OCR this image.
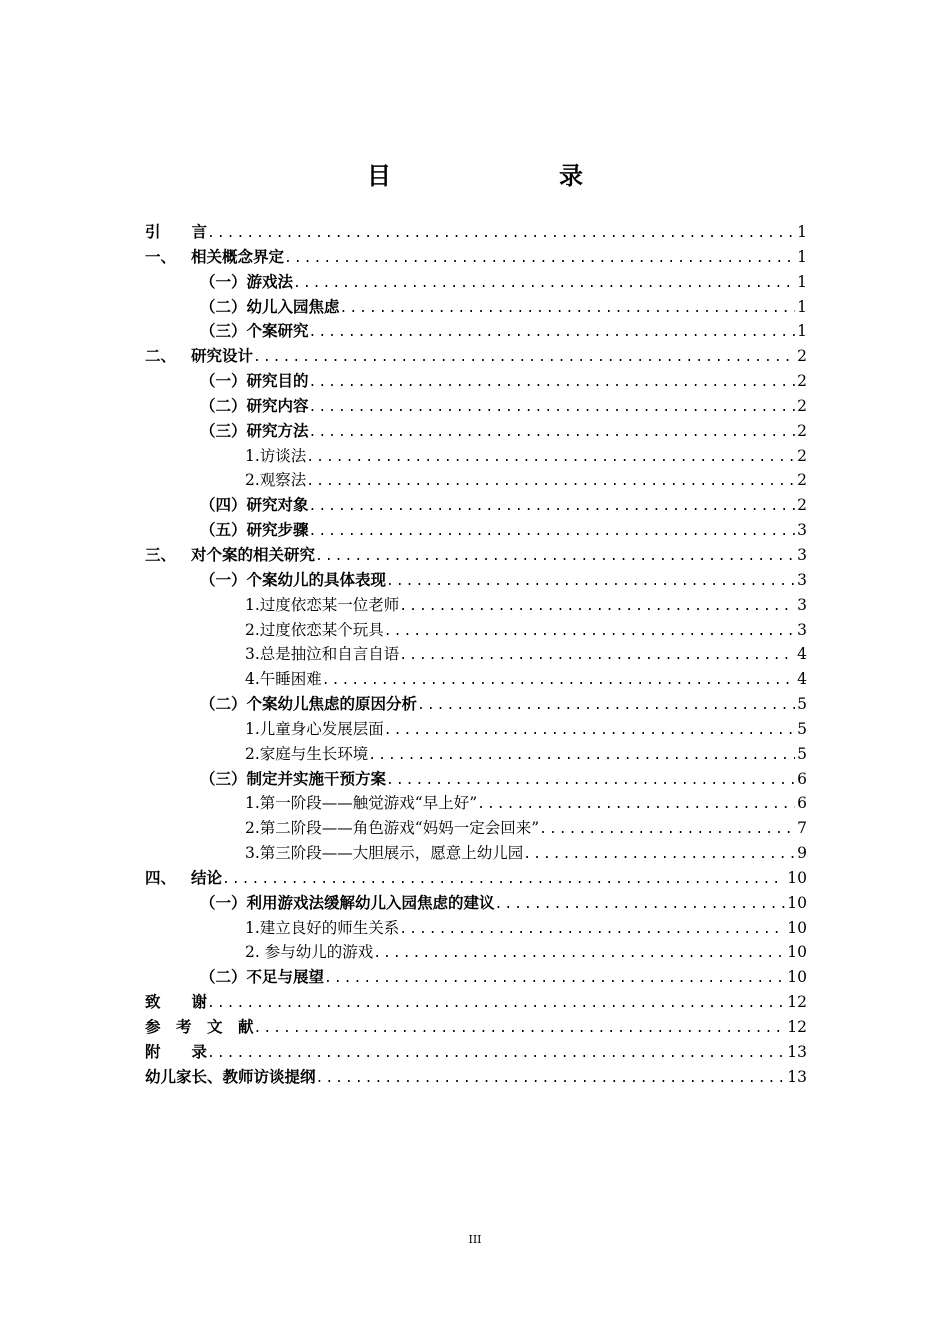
目　　录
引　　言 .....	1
一、 相关概念界定 .....	1
（一）游戏法 .....	1
（二）幼儿入园焦虑 .....	1
（三）个案研究 .....	1
二、 研究设计 .....	2
（一）研究目的 .....	2
（二）研究内容 .....	2
（三）研究方法 .....	2
1.访谈法 .....	2
2.观察法 .....	2
（四）研究对象 .....	2
（五）研究步骤 .....	3
三、 对个案的相关研究 .....	3
（一）个案幼儿的具体表现 .....	3
1.过度依恋某一位老师 .....	3
2.过度依恋某个玩具 .....	3
3.总是抽泣和自言自语 .....	4
4.午睡困难 .....	4
（二）个案幼儿焦虑的原因分析 .....	5
1.儿童身心发展层面 .....	5
2.家庭与生长环境 .....	5
（三）制定并实施干预方案 .....	6
1.第一阶段——触觉游戏“早上好” .....	6
2.第二阶段——角色游戏“妈妈一定会回来” .....	7
3.第三阶段——大胆展示，愿意上幼儿园 .....	9
四、 结论 .....	10
（一）利用游戏法缓解幼儿入园焦虑的建议 .....	10
1.建立良好的师生关系 .....	10
2. 参与幼儿的游戏 .....	10
（二）不足与展望 .....	10
致　　谢 .....	12
参　考　文　献 .....	12
附　　录 .....	13
幼儿家长、教师访谈提纲 .....	13
III
